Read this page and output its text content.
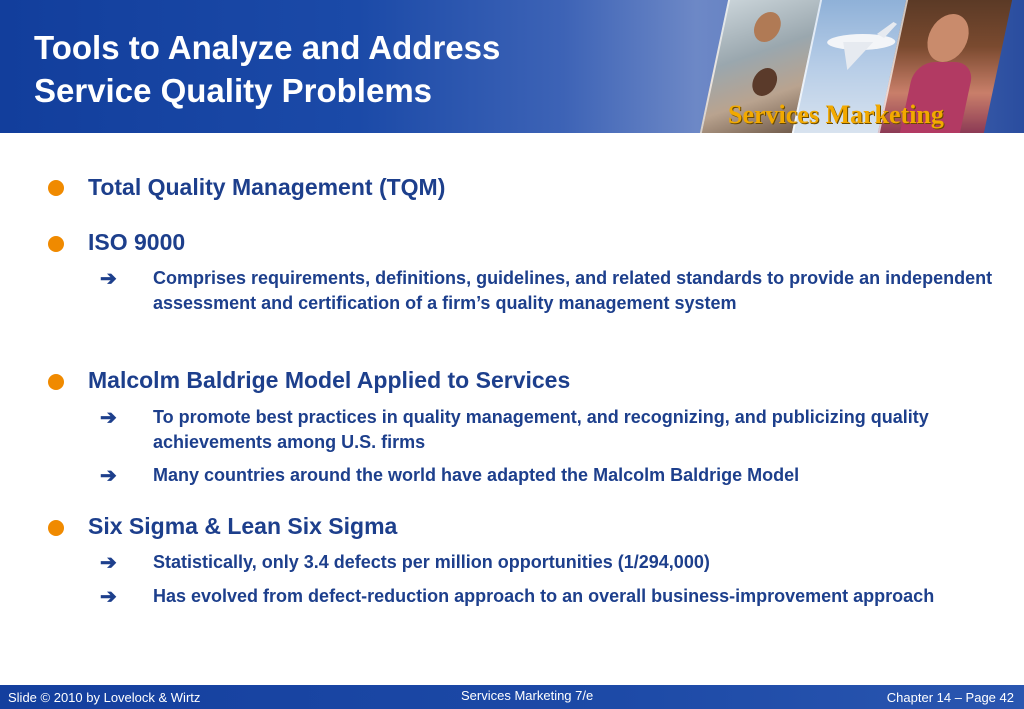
Tools to Analyze and Address
Service Quality Problems
Services Marketing
Total Quality Management (TQM)
ISO 9000
➔ Comprises requirements, definitions, guidelines, and related standards to provide an independent assessment and certification of a firm’s quality management system

Malcolm Baldrige Model Applied to Services
➔ To promote best practices in quality management, and recognizing, and publicizing quality achievements among U.S. firms

➔ Many countries around the world have adapted the Malcolm Baldrige Model

Six Sigma & Lean Six Sigma
➔ Statistically, only 3.4 defects per million opportunities (1/294,000)

➔ Has evolved from defect-reduction approach to an overall business-improvement approach

Slide © 2010 by Lovelock & Wirtz	Services Marketing 7/e	Chapter 14 – Page 42
